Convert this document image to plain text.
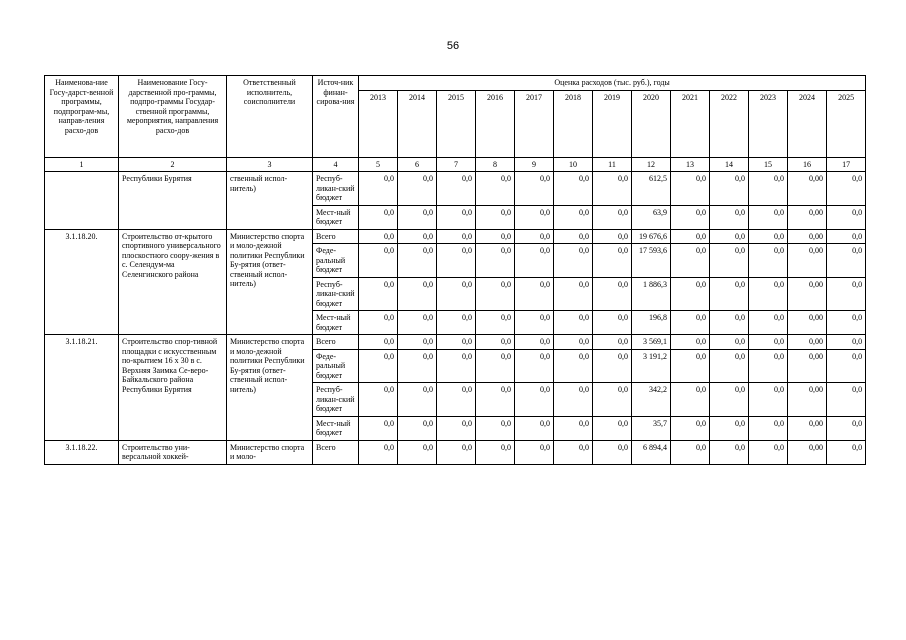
56
Наименова-ние Госу-дарст-венной программы, подпрограм-мы, направ-ления расхо-дов	Наименование Госу-дарственной про-граммы, подпро-граммы Государ-ственной программы, мероприятия, направления расхо-дов	Ответственный исполнитель, соисполнители	Источ-ник финан-сирова-ния	Оценка расходов (тыс. руб.), годы												
				2013	2014	2015	2016	2017	2018	2019	2020	2021	2022	2023	2024	2025
1	2	3	4	5	6	7	8	9	10	11	12	13	14	15	16	17
	Республики Бурятия	ственный испол-нитель)	Респуб-ликан-ский бюджет	0,0	0,0	0,0	0,0	0,0	0,0	0,0	612,5	0,0	0,0	0,0	0,00	0,0
			Мест-ный бюджет	0,0	0,0	0,0	0,0	0,0	0,0	0,0	63,9	0,0	0,0	0,0	0,00	0,0
3.1.18.20.	Строительство от-крытого спортивного универсального плоскостного соору-жения в с. Селендум-ма Селенгинского района	Министерство спорта и моло-дежной политики Республики Бу-рятия (ответ-ственный испол-нитель)	Всего	0,0	0,0	0,0	0,0	0,0	0,0	0,0	19 676,6	0,0	0,0	0,0	0,00	0,0
			Феде-ральный бюджет	0,0	0,0	0,0	0,0	0,0	0,0	0,0	17 593,6	0,0	0,0	0,0	0,00	0,0
			Респуб-ликан-ский бюджет	0,0	0,0	0,0	0,0	0,0	0,0	0,0	1 886,3	0,0	0,0	0,0	0,00	0,0
			Мест-ный бюджет	0,0	0,0	0,0	0,0	0,0	0,0	0,0	196,8	0,0	0,0	0,0	0,00	0,0
3.1.18.21.	Строительство спор-тивной площадки с искусственным по-крытием 16 х 30 в с. Верхняя Заимка Се-веро-Байкальского района Республики Бурятия	Министерство спорта и моло-дежной политики Республики Бу-рятия (ответ-ственный испол-нитель)	Всего	0,0	0,0	0,0	0,0	0,0	0,0	0,0	3 569,1	0,0	0,0	0,0	0,00	0,0
			Феде-ральный бюджет	0,0	0,0	0,0	0,0	0,0	0,0	0,0	3 191,2	0,0	0,0	0,0	0,00	0,0
			Респуб-ликан-ский бюджет	0,0	0,0	0,0	0,0	0,0	0,0	0,0	342,2	0,0	0,0	0,0	0,00	0,0
			Мест-ный бюджет	0,0	0,0	0,0	0,0	0,0	0,0	0,0	35,7	0,0	0,0	0,0	0,00	0,0
3.1.18.22.	Строительство уни-версальной хоккей-	Министерство спорта и моло-	Всего	0,0	0,0	0,0	0,0	0,0	0,0	0,0	6 894,4	0,0	0,0	0,0	0,00	0,0
